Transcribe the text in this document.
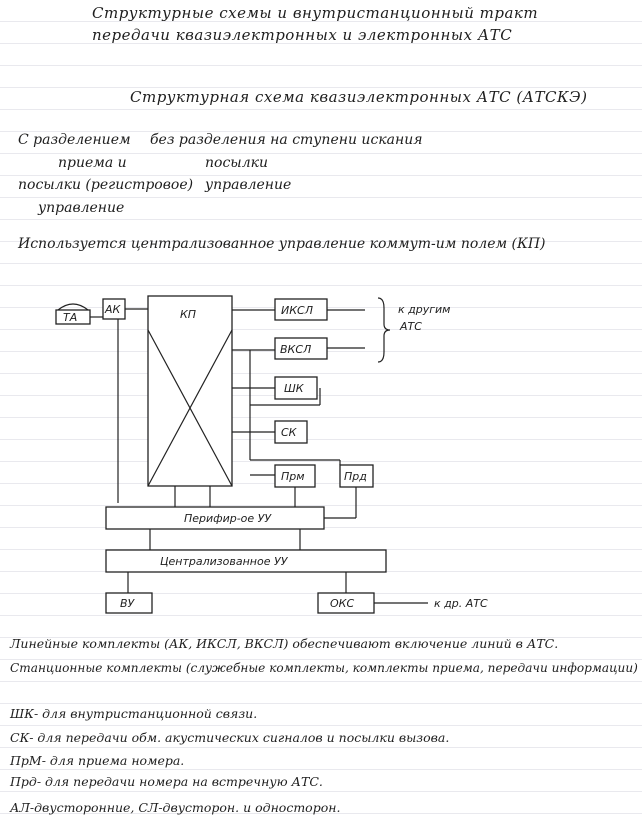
Структурные схемы и внутристанционный тракт
передачи квазиэлектронных и электронных АТС
Структурная схема квазиэлектронных АТС (АТСКЭ)
С разделением без разделения на ступени искания
приема и	посылки
посылки (регистровое) управление
управление
Используется централизованное управление коммут-им полем (КП)
ТА
АК	КП	ИКСЛ
ВКСЛ
к другим
АТС
ШК
СК
Прм	Прд
Перифир-ое УУ
Централизованное УУ
ВУ	ОКС	к др. АТС
Линейные комплекты (АК, ИКСЛ, ВКСЛ) обеспечивают включение линий в АТС.
Станционные комплекты (служебные комплекты, комплекты приема, передачи информации)
ШК- для внутристанционной связи.
СК- для передачи обм. акустических сигналов и посылки вызова.
ПрМ- для приема номера.
Прд- для передачи номера на встречную АТС.
АЛ-двусторонние, СЛ-двусторон. и односторон.
